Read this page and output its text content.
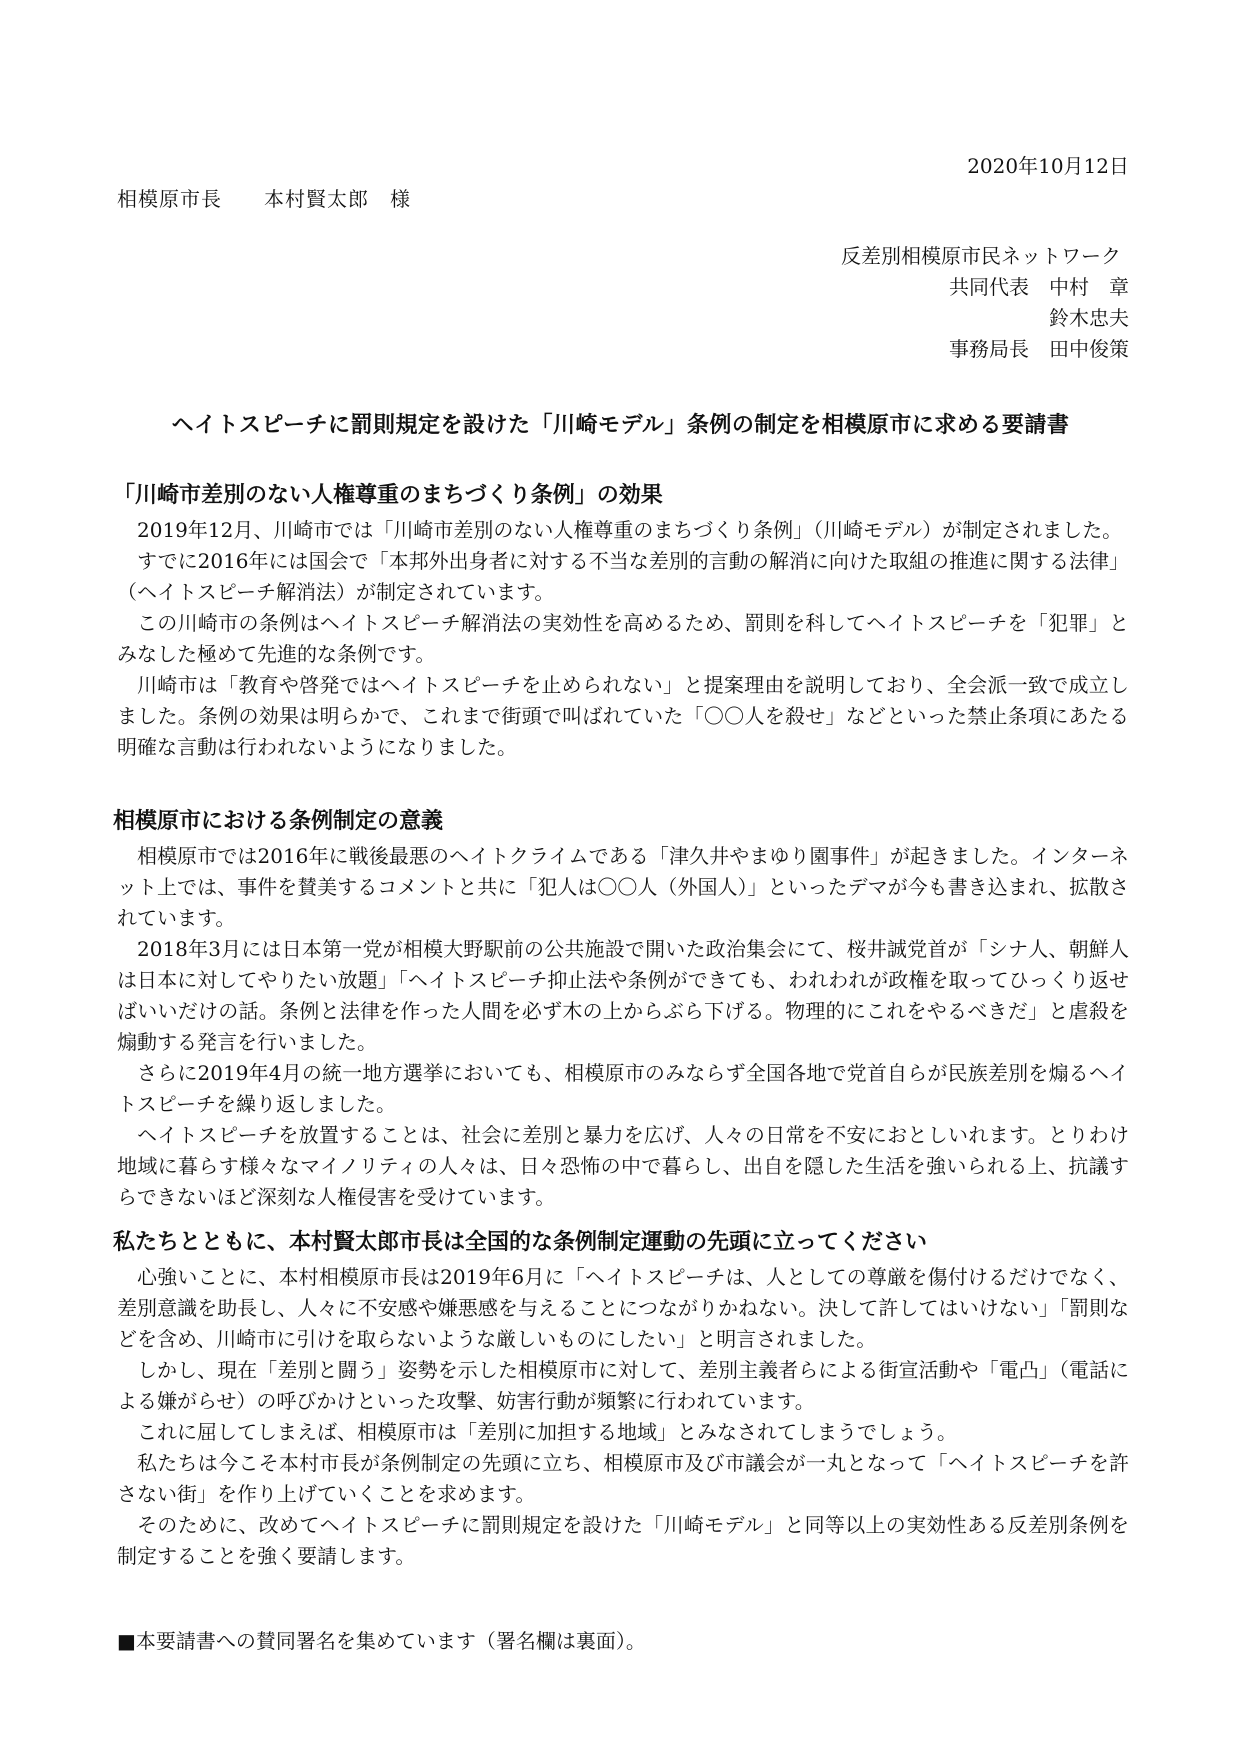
2020年10月12日
相模原市長　　本村賢太郎　様
反差別相模原市民ネットワーク
共同代表　中村　章
鈴木忠夫
事務局長　田中俊策
ヘイトスピーチに罰則規定を設けた「川崎モデル」条例の制定を相模原市に求める要請書
「川崎市差別のない人権尊重のまちづくり条例」の効果

2019年12月、川崎市では「川崎市差別のない人権尊重のまちづくり条例」（川崎モデル）が制定されました。

すでに2016年には国会で「本邦外出身者に対する不当な差別的言動の解消に向けた取組の推進に関する法律」（ヘイトスピーチ解消法）が制定されています。

この川崎市の条例はヘイトスピーチ解消法の実効性を高めるため、罰則を科してヘイトスピーチを「犯罪」とみなした極めて先進的な条例です。

川崎市は「教育や啓発ではヘイトスピーチを止められない」と提案理由を説明しており、全会派一致で成立しました。条例の効果は明らかで、これまで街頭で叫ばれていた「〇〇人を殺せ」などといった禁止条項にあたる明確な言動は行われないようになりました。

相模原市における条例制定の意義

相模原市では2016年に戦後最悪のヘイトクライムである「津久井やまゆり園事件」が起きました。インターネット上では、事件を賛美するコメントと共に「犯人は〇〇人（外国人）」といったデマが今も書き込まれ、拡散されています。

2018年3月には日本第一党が相模大野駅前の公共施設で開いた政治集会にて、桜井誠党首が「シナ人、朝鮮人は日本に対してやりたい放題」「ヘイトスピーチ抑止法や条例ができても、われわれが政権を取ってひっくり返せばいいだけの話。条例と法律を作った人間を必ず木の上からぶら下げる。物理的にこれをやるべきだ」と虐殺を煽動する発言を行いました。

さらに2019年4月の統一地方選挙においても、相模原市のみならず全国各地で党首自らが民族差別を煽るヘイトスピーチを繰り返しました。

ヘイトスピーチを放置することは、社会に差別と暴力を広げ、人々の日常を不安におとしいれます。とりわけ地域に暮らす様々なマイノリティの人々は、日々恐怖の中で暮らし、出自を隠した生活を強いられる上、抗議すらできないほど深刻な人権侵害を受けています。

私たちとともに、本村賢太郎市長は全国的な条例制定運動の先頭に立ってください

心強いことに、本村相模原市長は2019年6月に「ヘイトスピーチは、人としての尊厳を傷付けるだけでなく、差別意識を助長し、人々に不安感や嫌悪感を与えることにつながりかねない。決して許してはいけない」「罰則などを含め、川崎市に引けを取らないような厳しいものにしたい」と明言されました。

しかし、現在「差別と闘う」姿勢を示した相模原市に対して、差別主義者らによる街宣活動や「電凸」（電話による嫌がらせ）の呼びかけといった攻撃、妨害行動が頻繁に行われています。

これに屈してしまえば、相模原市は「差別に加担する地域」とみなされてしまうでしょう。

私たちは今こそ本村市長が条例制定の先頭に立ち、相模原市及び市議会が一丸となって「ヘイトスピーチを許さない街」を作り上げていくことを求めます。

そのために、改めてヘイトスピーチに罰則規定を設けた「川崎モデル」と同等以上の実効性ある反差別条例を制定することを強く要請します。

■本要請書への賛同署名を集めています（署名欄は裏面）。
